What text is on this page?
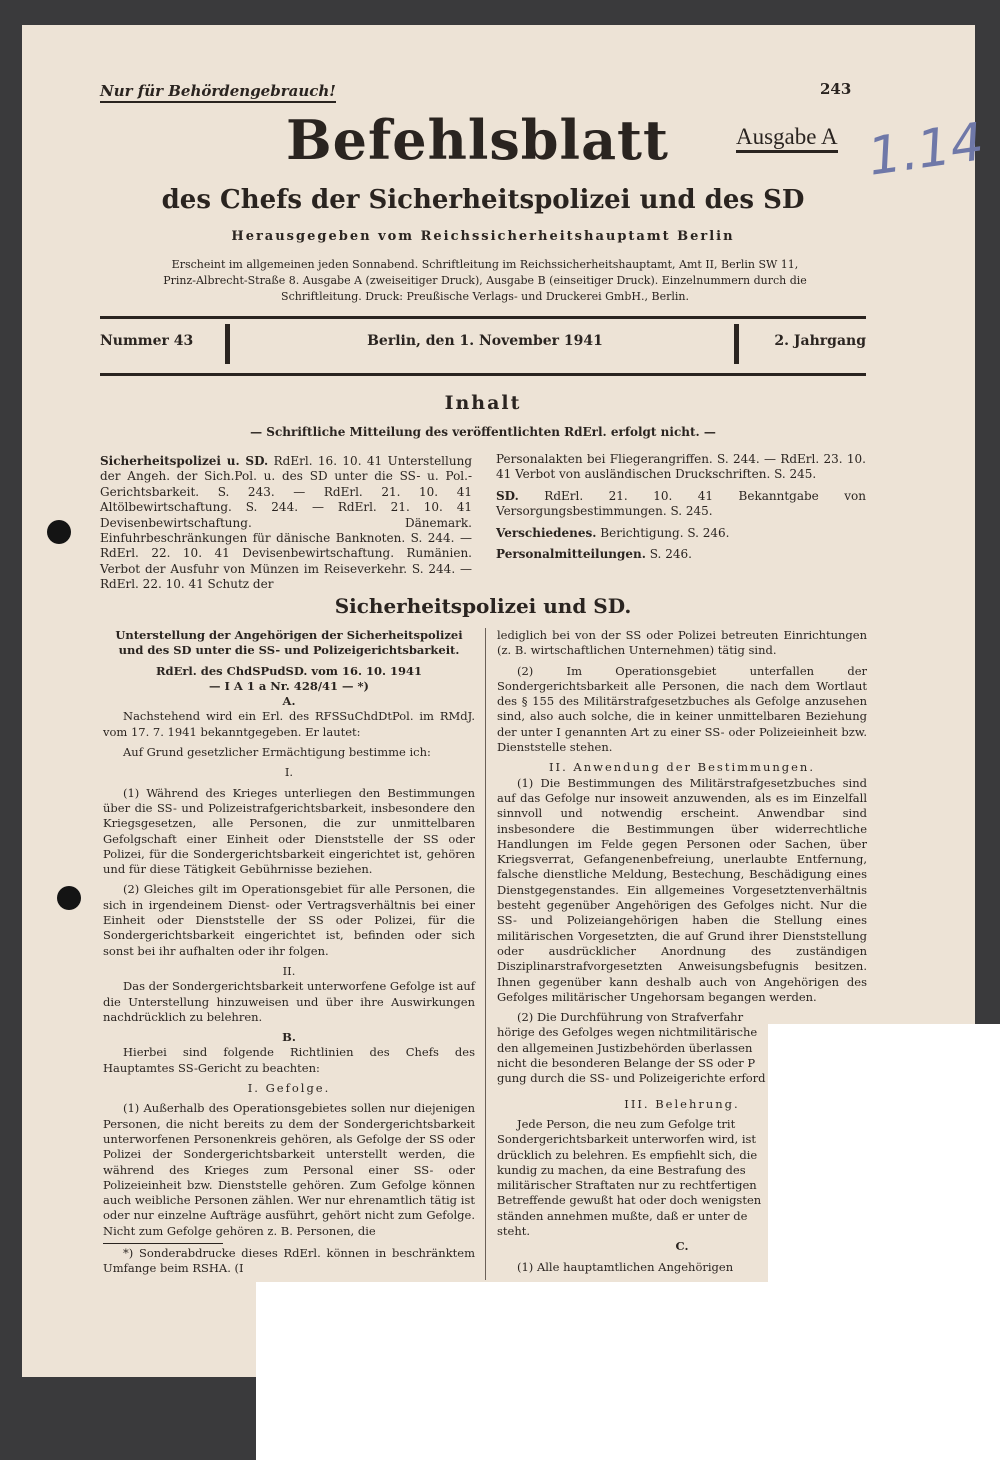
Nur für Behördengebrauch!	243
Befehlsblatt	Ausgabe A 1.14
des Chefs der Sicherheitspolizei und des SD
Herausgegeben vom Reichssicherheitshauptamt Berlin
Erscheint im allgemeinen jeden Sonnabend. Schriftleitung im Reichssicherheitshauptamt, Amt II, Berlin SW 11,
Prinz-Albrecht-Straße 8. Ausgabe A (zweiseitiger Druck), Ausgabe B (einseitiger Druck). Einzelnummern durch die
Schriftleitung. Druck: Preußische Verlags- und Druckerei GmbH., Berlin.
Nummer 43	Berlin, den 1. November 1941	2. Jahrgang
Inhalt
— Schriftliche Mitteilung des veröffentlichten RdErl. erfolgt nicht. —

Sicherheitspolizei u. SD. RdErl. 16. 10. 41 Unterstellung der Angeh. der Sich.Pol. u. des SD unter die SS- u. Pol.-Gerichtsbarkeit. S. 243. — RdErl. 21. 10. 41 Altölbewirtschaftung. S. 244. — RdErl. 21. 10. 41 Devisenbewirtschaftung. Dänemark. Einfuhrbeschränkungen für dänische Banknoten. S. 244. — RdErl. 22. 10. 41 Devisenbewirtschaftung. Rumänien. Verbot der Ausfuhr von Münzen im Reiseverkehr. S. 244. — RdErl. 22. 10. 41 Schutz der

Personalakten bei Fliegerangriffen. S. 244. — RdErl. 23. 10. 41 Verbot von ausländischen Druckschriften. S. 245.

SD. RdErl. 21. 10. 41 Bekanntgabe von Versorgungsbestimmungen. S. 245.

Verschiedenes. Berichtigung. S. 246.

Personalmitteilungen. S. 246.

Sicherheitspolizei und SD.

Unterstellung der Angehörigen der Sicherheitspolizei

und des SD unter die SS- und Polizeigerichtsbarkeit.

RdErl. des ChdSPudSD. vom 16. 10. 1941

— I A 1 a Nr. 428/41 — *)

A.

Nachstehend wird ein Erl. des RFSSuChdDtPol. im RMdJ. vom 17. 7. 1941 bekanntgegeben. Er lautet:

Auf Grund gesetzlicher Ermächtigung bestimme ich:

I.

(1) Während des Krieges unterliegen den Bestimmungen über die SS- und Polizeistrafgerichtsbarkeit, insbesondere den Kriegsgesetzen, alle Personen, die zur unmittelbaren Gefolgschaft einer Einheit oder Dienststelle der SS oder Polizei, für die Sondergerichtsbarkeit eingerichtet ist, gehören und für diese Tätigkeit Gebührnisse beziehen.

(2) Gleiches gilt im Operationsgebiet für alle Personen, die sich in irgendeinem Dienst- oder Vertragsverhältnis bei einer Einheit oder Dienststelle der SS oder Polizei, für die Sondergerichtsbarkeit eingerichtet ist, befinden oder sich sonst bei ihr aufhalten oder ihr folgen.

II.

Das der Sondergerichtsbarkeit unterworfene Gefolge ist auf die Unterstellung hinzuweisen und über ihre Auswirkungen nachdrücklich zu belehren.

B.

Hierbei sind folgende Richtlinien des Chefs des Hauptamtes SS-Gericht zu beachten:

I. Gefolge.

(1) Außerhalb des Operationsgebietes sollen nur diejenigen Personen, die nicht bereits zu dem der Sondergerichtsbarkeit unterworfenen Personenkreis gehören, als Gefolge der SS oder Polizei der Sondergerichtsbarkeit unterstellt werden, die während des Krieges zum Personal einer SS- oder Polizeieinheit bzw. Dienststelle gehören. Zum Gefolge können auch weibliche Personen zählen. Wer nur ehrenamtlich tätig ist oder nur einzelne Aufträge ausführt, gehört nicht zum Gefolge. Nicht zum Gefolge gehören z. B. Personen, die

*) Sonderabdrucke dieses RdErl. können in beschränktem Umfange beim RSHA. (I

lediglich bei von der SS oder Polizei betreuten Einrichtungen (z. B. wirtschaftlichen Unternehmen) tätig sind.

(2) Im Operationsgebiet unterfallen der Sondergerichtsbarkeit alle Personen, die nach dem Wortlaut des § 155 des Militärstrafgesetzbuches als Gefolge anzusehen sind, also auch solche, die in keiner unmittelbaren Beziehung der unter I genannten Art zu einer SS- oder Polizeieinheit bzw. Dienststelle stehen.

II. Anwendung der Bestimmungen.

(1) Die Bestimmungen des Militärstrafgesetzbuches sind auf das Gefolge nur insoweit anzuwenden, als es im Einzelfall sinnvoll und notwendig erscheint. Anwendbar sind insbesondere die Bestimmungen über widerrechtliche Handlungen im Felde gegen Personen oder Sachen, über Kriegsverrat, Gefangenenbefreiung, unerlaubte Entfernung, falsche dienstliche Meldung, Bestechung, Beschädigung eines Dienstgegenstandes. Ein allgemeines Vorgesetztenverhältnis besteht gegenüber Angehörigen des Gefolges nicht. Nur die SS- und Polizeiangehörigen haben die Stellung eines militärischen Vorgesetzten, die auf Grund ihrer Dienststellung oder ausdrücklicher Anordnung des zuständigen Disziplinarstrafvorgesetzten Anweisungsbefugnis besitzen. Ihnen gegenüber kann deshalb auch von Angehörigen des Gefolges militärischer Ungehorsam begangen werden.

(2) Die Durchführung von Strafverfahr

hörige des Gefolges wegen nichtmilitärische

den allgemeinen Justizbehörden überlassen

nicht die besonderen Belange der SS oder P

gung durch die SS- und Polizeigerichte erford

III. Belehrung.

Jede Person, die neu zum Gefolge trit

Sondergerichtsbarkeit unterworfen wird, ist

drücklich zu belehren. Es empfiehlt sich, die

kundig zu machen, da eine Bestrafung des

militärischer Straftaten nur zu rechtfertigen

Betreffende gewußt hat oder doch wenigsten

ständen annehmen mußte, daß er unter de

steht.

C.

(1) Alle hauptamtlichen Angehörigen
